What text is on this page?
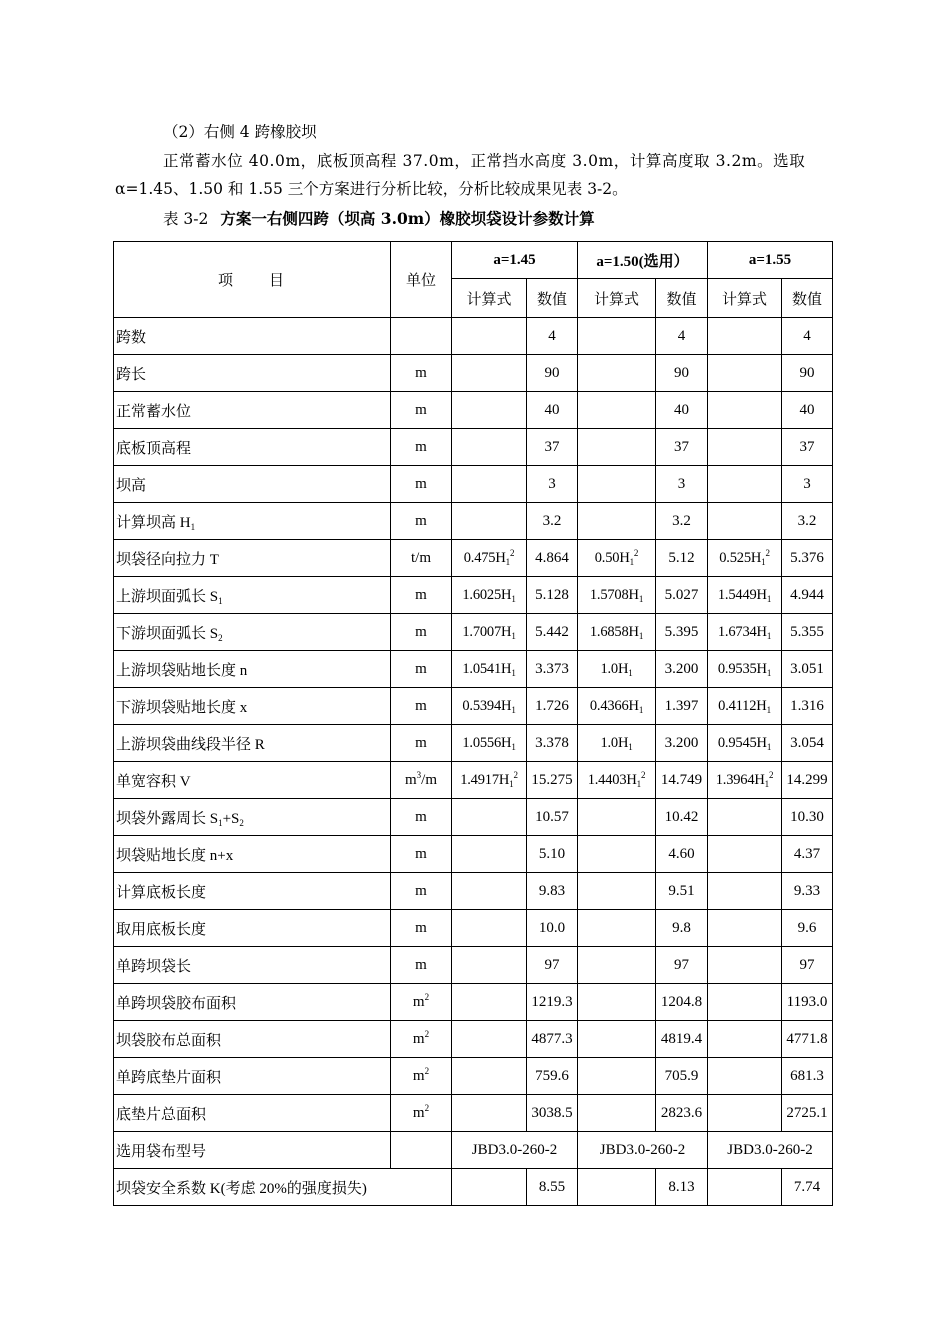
（2）右侧 4 跨橡胶坝
正常蓄水位 40.0m，底板顶高程 37.0m，正常挡水高度 3.0m，计算高度取 3.2m。选取
α=1.45、1.50 和 1.55 三个方案进行分析比较，分析比较成果见表 3-2。
表 3-2 方案一右侧四跨（坝高 3.0m）橡胶坝袋设计参数计算
项　　目	单位	a=1.45		a=1.50(选用）		a=1.55	
		计算式	数值	计算式	数值	计算式	数值
跨数			4		4		4
跨长	m		90		90		90
正常蓄水位	m		40		40		40
底板顶高程	m		37		37		37
坝高	m		3		3		3
计算坝高 $H_1$	m		3.2		3.2		3.2
坝袋径向拉力 T	t/m	$0.475H_1^2$	4.864	$0.50H_1^2$	5.12	$0.525H_1^2$	5.376
上游坝面弧长 $S_1$	m	$1.6025H_1$	5.128	$1.5708H_1$	5.027	$1.5449H_1$	4.944
下游坝面弧长 $S_2$	m	$1.7007H_1$	5.442	$1.6858H_1$	5.395	$1.6734H_1$	5.355
上游坝袋贴地长度 n	m	$1.0541H_1$	3.373	$1.0H_1$	3.200	$0.9535H_1$	3.051
下游坝袋贴地长度 x	m	$0.5394H_1$	1.726	$0.4366H_1$	1.397	$0.4112H_1$	1.316
上游坝袋曲线段半径 R	m	$1.0556H_1$	3.378	$1.0H_1$	3.200	$0.9545H_1$	3.054
单宽容积 V	$m^3/m$	$1.4917H_1^2$	15.275	$1.4403H_1^2$	14.749	$1.3964H_1^2$	14.299
坝袋外露周长 $S_1+S_2$	m		10.57		10.42		10.30
坝袋贴地长度 n+x	m		5.10		4.60		4.37
计算底板长度	m		9.83		9.51		9.33
取用底板长度	m		10.0		9.8		9.6
单跨坝袋长	m		97		97		97
单跨坝袋胶布面积	$m^2$		1219.3		1204.8		1193.0
坝袋胶布总面积	$m^2$		4877.3		4819.4		4771.8
单跨底垫片面积	$m^2$		759.6		705.9		681.3
底垫片总面积	$m^2$		3038.5		2823.6		2725.1
选用袋布型号		JBD3.0-260-2		JBD3.0-260-2		JBD3.0-260-2	
坝袋安全系数 K(考虑 20%的强度损失)			8.55		8.13		7.74
